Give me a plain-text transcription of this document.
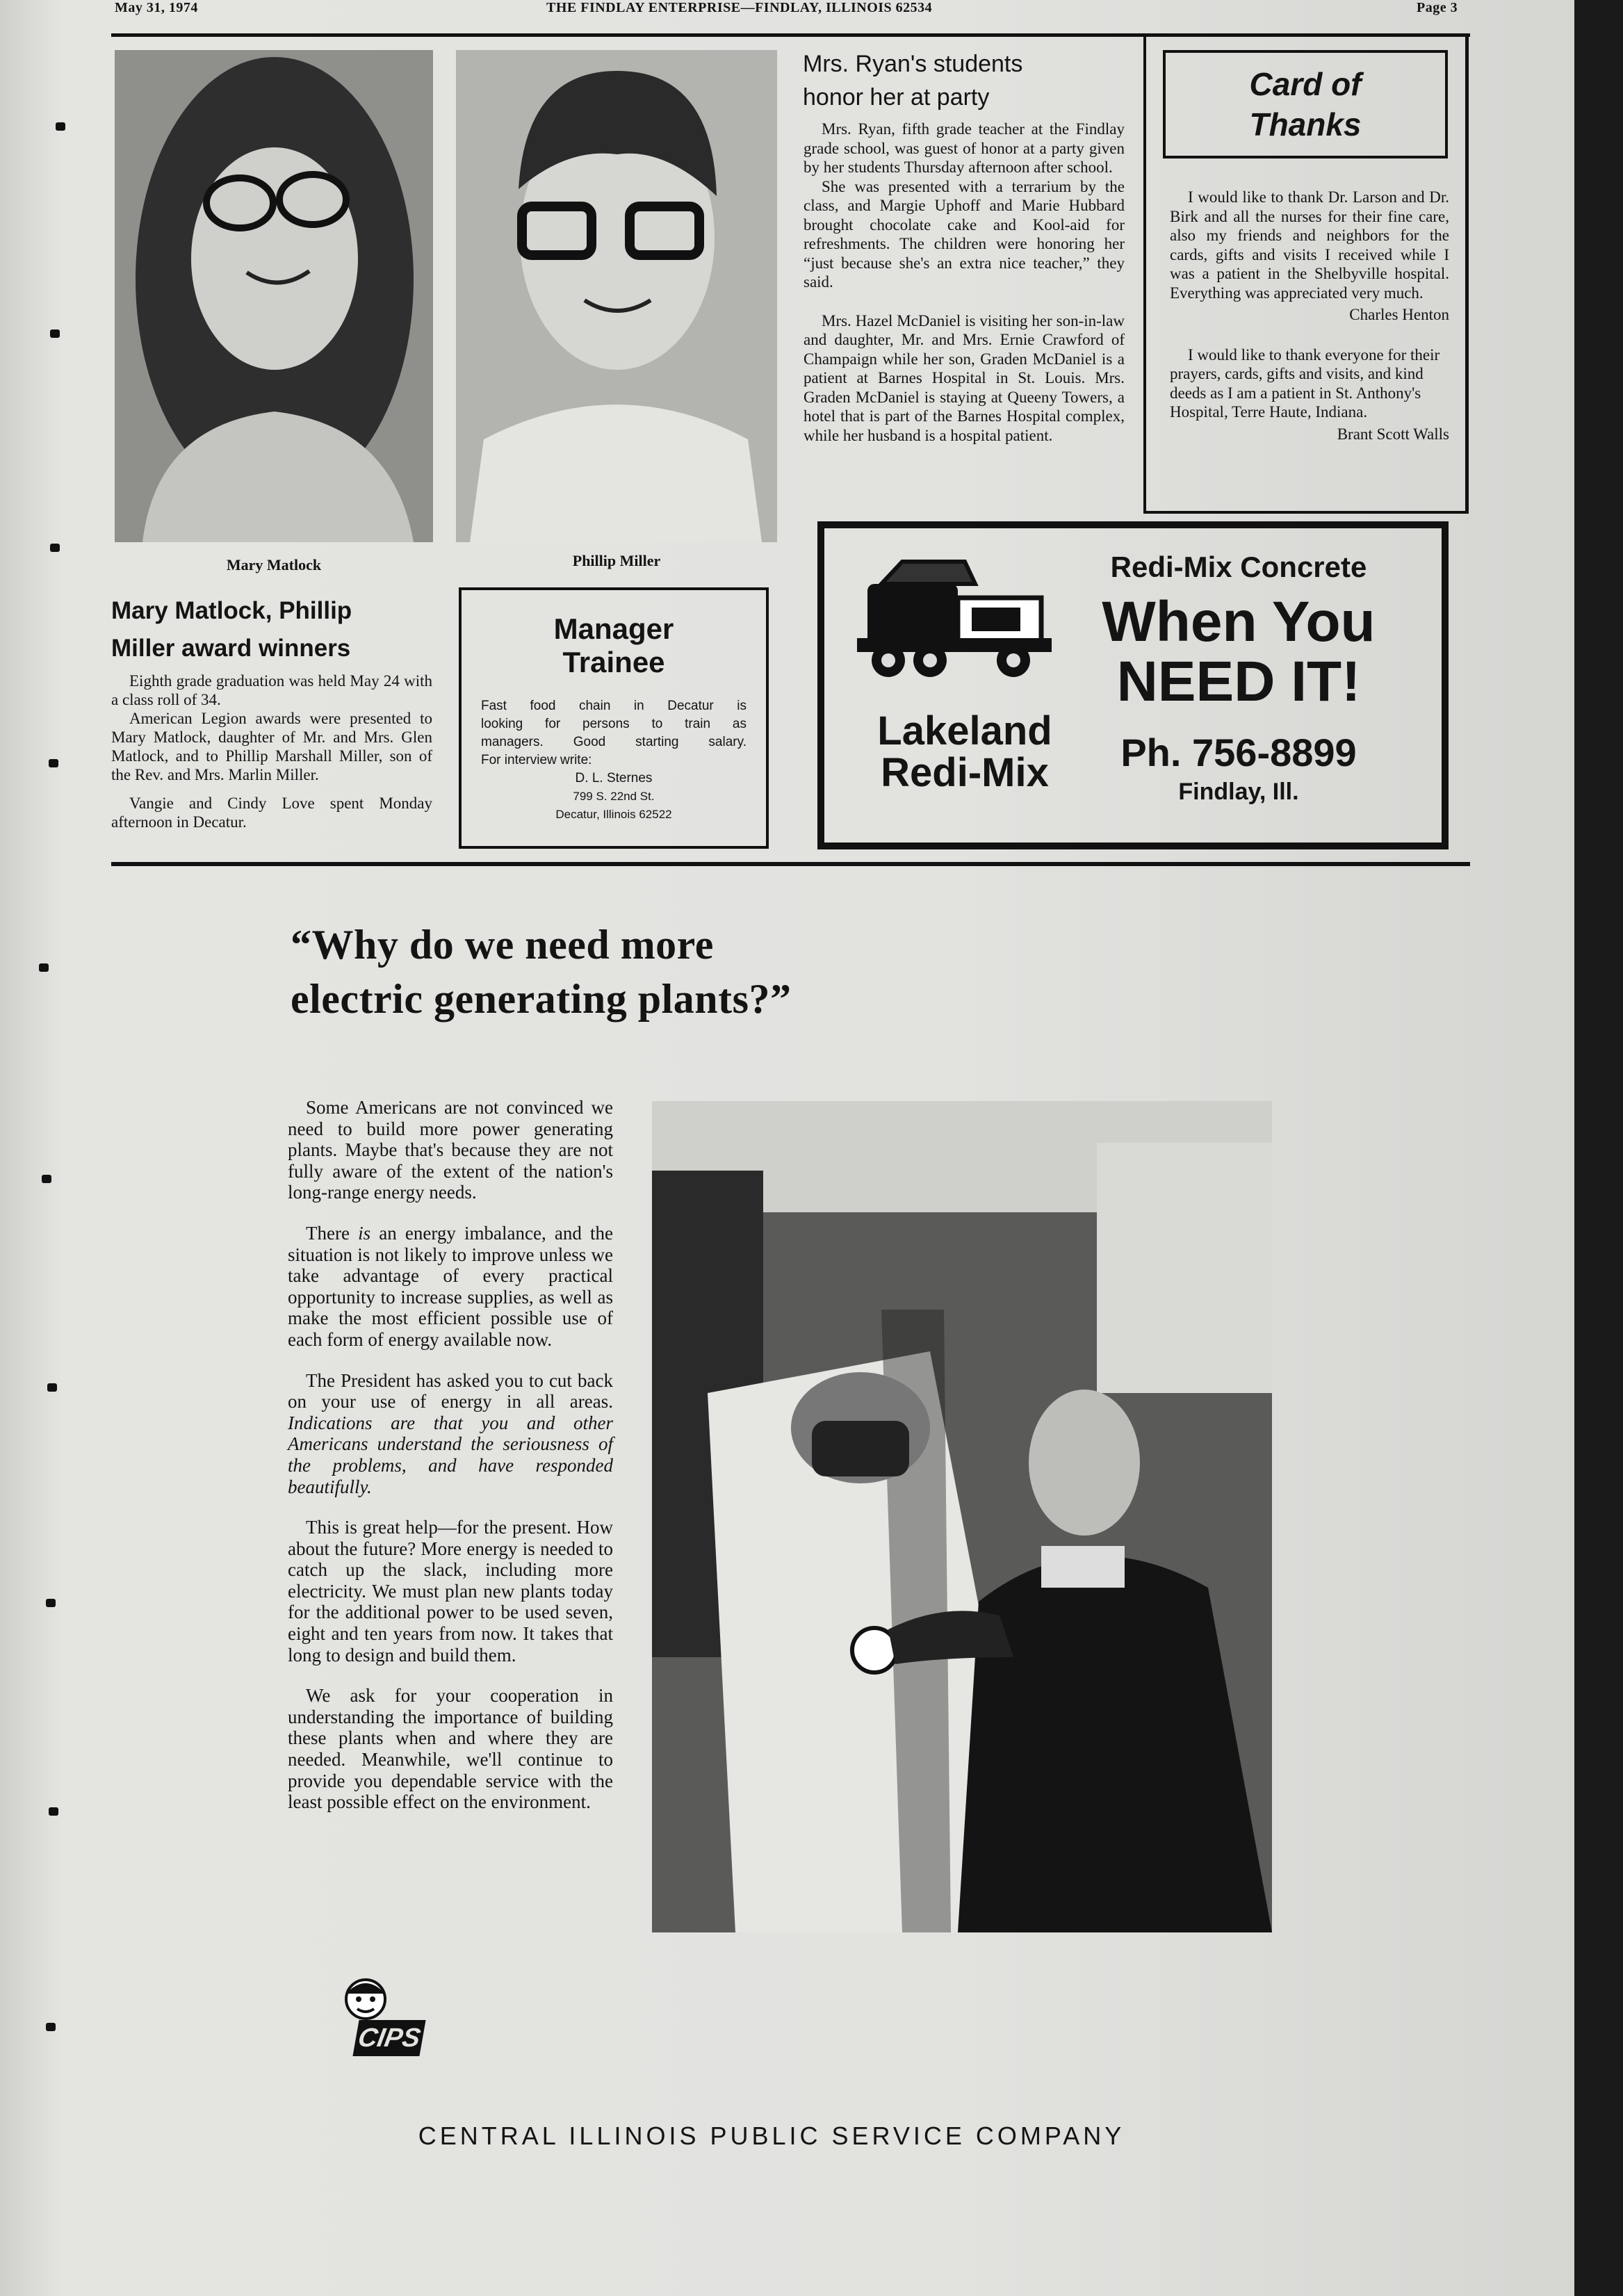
May 31, 1974	THE FINDLAY ENTERPRISE—FINDLAY, ILLINOIS 62534	Page 3
Mary Matlock	Phillip Miller
Mary Matlock, Phillip
Miller award winners

Eighth grade graduation was held May 24 with a class roll of 34.

American Legion awards were presented to Mary Matlock, daughter of Mr. and Mrs. Glen Matlock, and to Phillip Marshall Miller, son of the Rev. and Mrs. Marlin Miller.

Vangie and Cindy Love spent Monday afternoon in Decatur.

Manager
Trainee
Fast food chain in Decatur is
looking for persons to train as
managers. Good starting salary.
For interview write:
D. L. Sternes
799 S. 22nd St.
Decatur, Illinois 62522
Mrs. Ryan's students
honor her at party

Mrs. Ryan, fifth grade teacher at the Findlay grade school, was guest of honor at a party given by her students Thursday afternoon after school.

She was presented with a terrarium by the class, and Margie Uphoff and Marie Hubbard brought chocolate cake and Kool-aid for refreshments. The children were honoring her “just because she's an extra nice teacher,” they said.

Mrs. Hazel McDaniel is visiting her son-in-law and daughter, Mr. and Mrs. Ernie Crawford of Champaign while her son, Graden McDaniel is a patient at Barnes Hospital in St. Louis. Mrs. Graden McDaniel is staying at Queeny Towers, a hotel that is part of the Barnes Hospital complex, while her husband is a hospital patient.

Card of
Thanks

I would like to thank Dr. Larson and Dr. Birk and all the nurses for their fine care, also my friends and neighbors for the cards, gifts and visits I received while I was a patient in the Shelbyville hospital. Everything was appreciated very much.

Charles Henton

I would like to thank everyone for their prayers, cards, gifts and visits, and kind deeds as I am a patient in St. Anthony's Hospital, Terre Haute, Indiana.

Brant Scott Walls
Redi-Mix Concrete
When You
NEED IT!
Lakeland
Redi-Mix	Ph. 756-8899
Findlay, Ill.
“Why do we need more
electric generating plants?”

Some Americans are not convinced we need to build more power generating plants. Maybe that's because they are not fully aware of the extent of the nation's long-range energy needs.

There is an energy imbalance, and the situation is not likely to improve unless we take advantage of every practical opportunity to increase supplies, as well as make the most efficient possible use of each form of energy available now.

The President has asked you to cut back on your use of energy in all areas. Indications are that you and other Americans understand the seriousness of the problems, and have responded beautifully.

This is great help—for the present. How about the future? More energy is needed to catch up the slack, including more electricity. We must plan new plants today for the additional power to be used seven, eight and ten years from now. It takes that long to design and build them.

We ask for your cooperation in understanding the importance of building these plants when and where they are needed. Meanwhile, we'll continue to provide you dependable service with the least possible effect on the environment.

CIPS
CENTRAL ILLINOIS PUBLIC SERVICE COMPANY
